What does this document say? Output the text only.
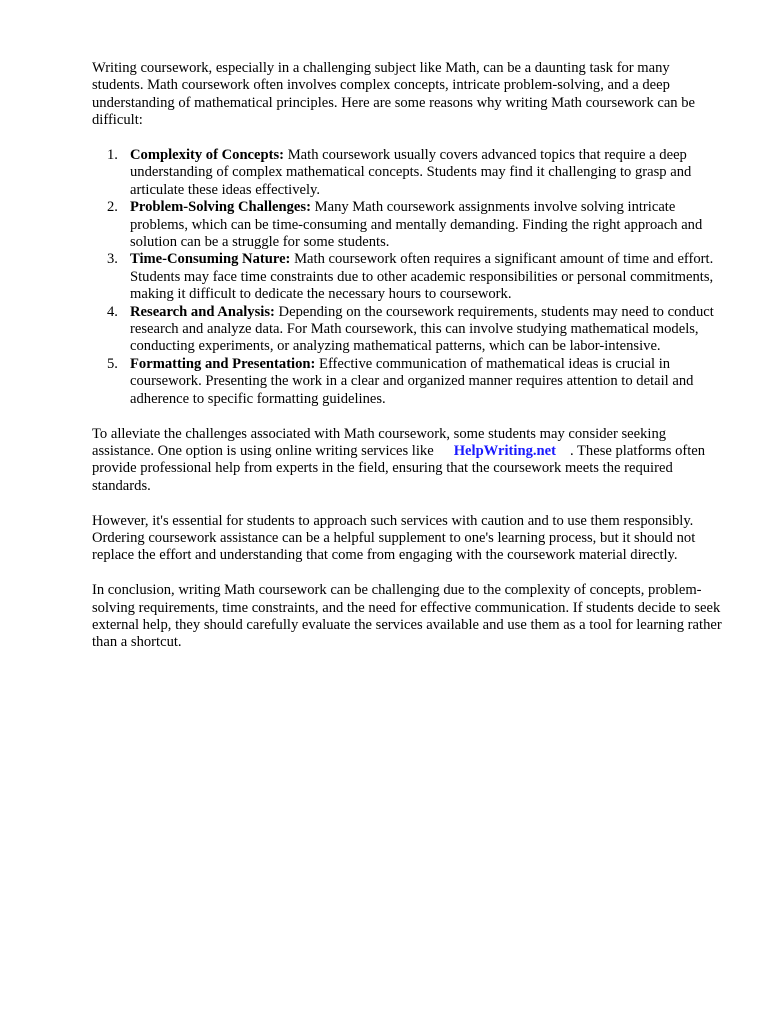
Writing coursework, especially in a challenging subject like Math, can be a daunting task for many students. Math coursework often involves complex concepts, intricate problem-solving, and a deep understanding of mathematical principles. Here are some reasons why writing Math coursework can be difficult:

1. Complexity of Concepts: Math coursework usually covers advanced topics that require a deep understanding of complex mathematical concepts. Students may find it challenging to grasp and articulate these ideas effectively.
2. Problem-Solving Challenges: Many Math coursework assignments involve solving intricate problems, which can be time-consuming and mentally demanding. Finding the right approach and solution can be a struggle for some students.
3. Time-Consuming Nature: Math coursework often requires a significant amount of time and effort. Students may face time constraints due to other academic responsibilities or personal commitments, making it difficult to dedicate the necessary hours to coursework.
4. Research and Analysis: Depending on the coursework requirements, students may need to conduct research and analyze data. For Math coursework, this can involve studying mathematical models, conducting experiments, or analyzing mathematical patterns, which can be labor-intensive.
5. Formatting and Presentation: Effective communication of mathematical ideas is crucial in coursework. Presenting the work in a clear and organized manner requires attention to detail and adherence to specific formatting guidelines.

To alleviate the challenges associated with Math coursework, some students may consider seeking assistance. One option is using online writing services like HelpWriting.net . These platforms often provide professional help from experts in the field, ensuring that the coursework meets the required standards.

However, it's essential for students to approach such services with caution and to use them responsibly. Ordering coursework assistance can be a helpful supplement to one's learning process, but it should not replace the effort and understanding that come from engaging with the coursework material directly.

In conclusion, writing Math coursework can be challenging due to the complexity of concepts, problem-solving requirements, time constraints, and the need for effective communication. If students decide to seek external help, they should carefully evaluate the services available and use them as a tool for learning rather than a shortcut.
